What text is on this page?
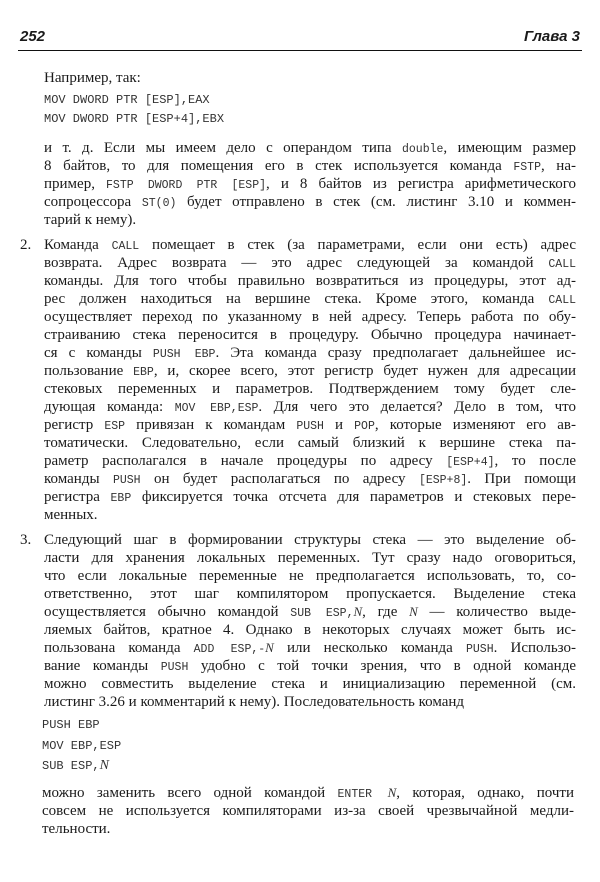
252	Глава 3
Например, так:
MOV DWORD PTR [ESP],EAX
MOV DWORD PTR [ESP+4],EBX
и т. д. Если мы имеем дело с операндом типа double, имеющим размер
8 байтов, то для помещения его в стек используется команда FSTP, на-
пример, FSTP DWORD PTR [ESP], и 8 байтов из регистра арифметического
сопроцессора ST(0) будет отправлено в стек (см. листинг 3.10 и коммен-
тарий к нему).
2. Команда CALL помещает в стек (за параметрами, если они есть) адрес
возврата. Адрес возврата — это адрес следующей за командой CALL
команды. Для того чтобы правильно возвратиться из процедуры, этот ад-
рес должен находиться на вершине стека. Кроме этого, команда CALL
осуществляет переход по указанному в ней адресу. Теперь работа по обу-
страиванию стека переносится в процедуру. Обычно процедура начинает-
ся с команды PUSH EBP. Эта команда сразу предполагает дальнейшее ис-
пользование EBP, и, скорее всего, этот регистр будет нужен для адресации
стековых переменных и параметров. Подтверждением тому будет сле-
дующая команда: MOV EBP,ESP. Для чего это делается? Дело в том, что
регистр ESP привязан к командам PUSH и POP, которые изменяют его ав-
томатически. Следовательно, если самый близкий к вершине стека па-
раметр располагался в начале процедуры по адресу [ESP+4], то после
команды PUSH он будет располагаться по адресу [ESP+8]. При помощи
регистра EBP фиксируется точка отсчета для параметров и стековых пере-
менных.
3. Следующий шаг в формировании структуры стека — это выделение об-
ласти для хранения локальных переменных. Тут сразу надо оговориться,
что если локальные переменные не предполагается использовать, то, со-
ответственно, этот шаг компилятором пропускается. Выделение стека
осуществляется обычно командой SUB ESP,N, где N — количество выде-
ляемых байтов, кратное 4. Однако в некоторых случаях может быть ис-
пользована команда ADD ESP,-N или несколько команда PUSH. Использо-
вание команды PUSH удобно с той точки зрения, что в одной команде
можно совместить выделение стека и инициализацию переменной (см.
листинг 3.26 и комментарий к нему). Последовательность команд
PUSH EBP
MOV EBP,ESP
SUB ESP,N
можно заменить всего одной командой ENTER N, которая, однако, почти
совсем не используется компиляторами из-за своей чрезвычайной медли-
тельности.
